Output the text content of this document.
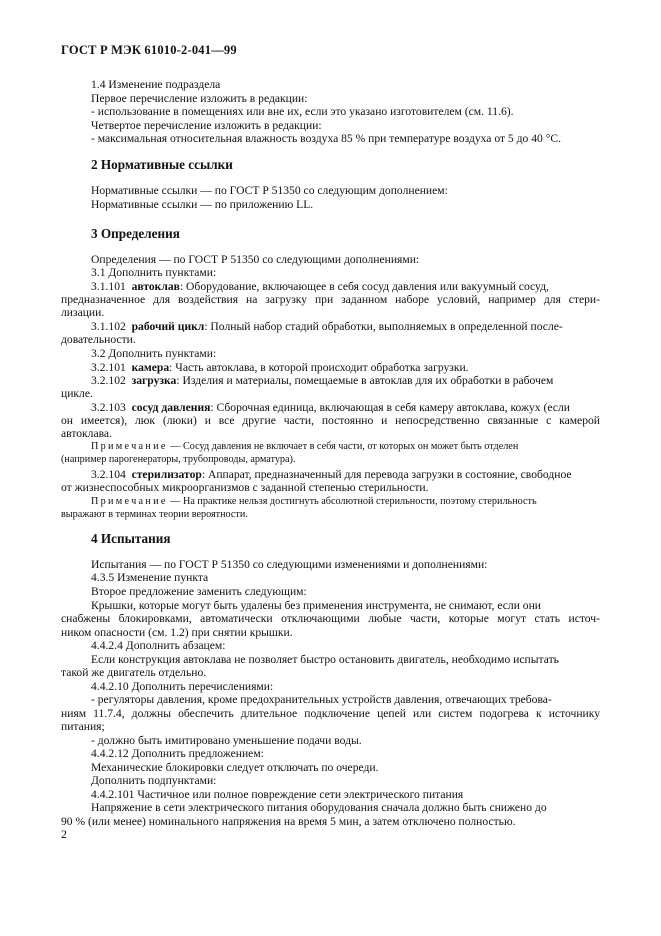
ГОСТ Р МЭК 61010-2-041—99
1.4 Изменение подраздела
Первое перечисление изложить в редакции:
- использование в помещениях или вне их, если это указано изготовителем (см. 11.6).
Четвертое перечисление изложить в редакции:
- максимальная относительная влажность воздуха 85 % при температуре воздуха от 5 до 40 °С.
2 Нормативные ссылки
Нормативные ссылки — по ГОСТ Р 51350 со следующим дополнением:
Нормативные ссылки — по приложению LL.
3 Определения
Определения — по ГОСТ Р 51350 со следующими дополнениями:
3.1 Дополнить пунктами:
3.1.101 автоклав: Оборудование, включающее в себя сосуд давления или вакуумный сосуд,
предназначенное для воздействия на загрузку при заданном наборе условий, например для стери-
лизации.
3.1.102 рабочий цикл: Полный набор стадий обработки, выполняемых в определенной после-
довательности.
3.2 Дополнить пунктами:
3.2.101 камера: Часть автоклава, в которой происходит обработка загрузки.
3.2.102 загрузка: Изделия и материалы, помещаемые в автоклав для их обработки в рабочем
цикле.
3.2.103 сосуд давления: Сборочная единица, включающая в себя камеру автоклава, кожух (если
он имеется), люк (люки) и все другие части, постоянно и непосредственно связанные с камерой
автоклава.
Примечание — Сосуд давления не включает в себя части, от которых он может быть отделен
(например парогенераторы, трубопроводы, арматура).
3.2.104 стерилизатор: Аппарат, предназначенный для перевода загрузки в состояние, свободное
от жизнеспособных микроорганизмов с заданной степенью стерильности.
Примечание — На практике нельзя достигнуть абсолютной стерильности, поэтому стерильность
выражают в терминах теории вероятности.
4 Испытания
Испытания — по ГОСТ Р 51350 со следующими изменениями и дополнениями:
4.3.5 Изменение пункта
Второе предложение заменить следующим:
Крышки, которые могут быть удалены без применения инструмента, не снимают, если они
снабжены блокировками, автоматически отключающими любые части, которые могут стать источ-
ником опасности (см. 1.2) при снятии крышки.
4.4.2.4 Дополнить абзацем:
Если конструкция автоклава не позволяет быстро остановить двигатель, необходимо испытать
такой же двигатель отдельно.
4.4.2.10 Дополнить перечислениями:
- регуляторы давления, кроме предохранительных устройств давления, отвечающих требова-
ниям 11.7.4, должны обеспечить длительное подключение цепей или систем подогрева к источнику
питания;
- должно быть имитировано уменьшение подачи воды.
4.4.2.12 Дополнить предложением:
Механические блокировки следует отключать по очереди.
Дополнить подпунктами:
4.4.2.101 Частичное или полное повреждение сети электрического питания
Напряжение в сети электрического питания оборудования сначала должно быть снижено до
90 % (или менее) номинального напряжения на время 5 мин, а затем отключено полностью.
2
